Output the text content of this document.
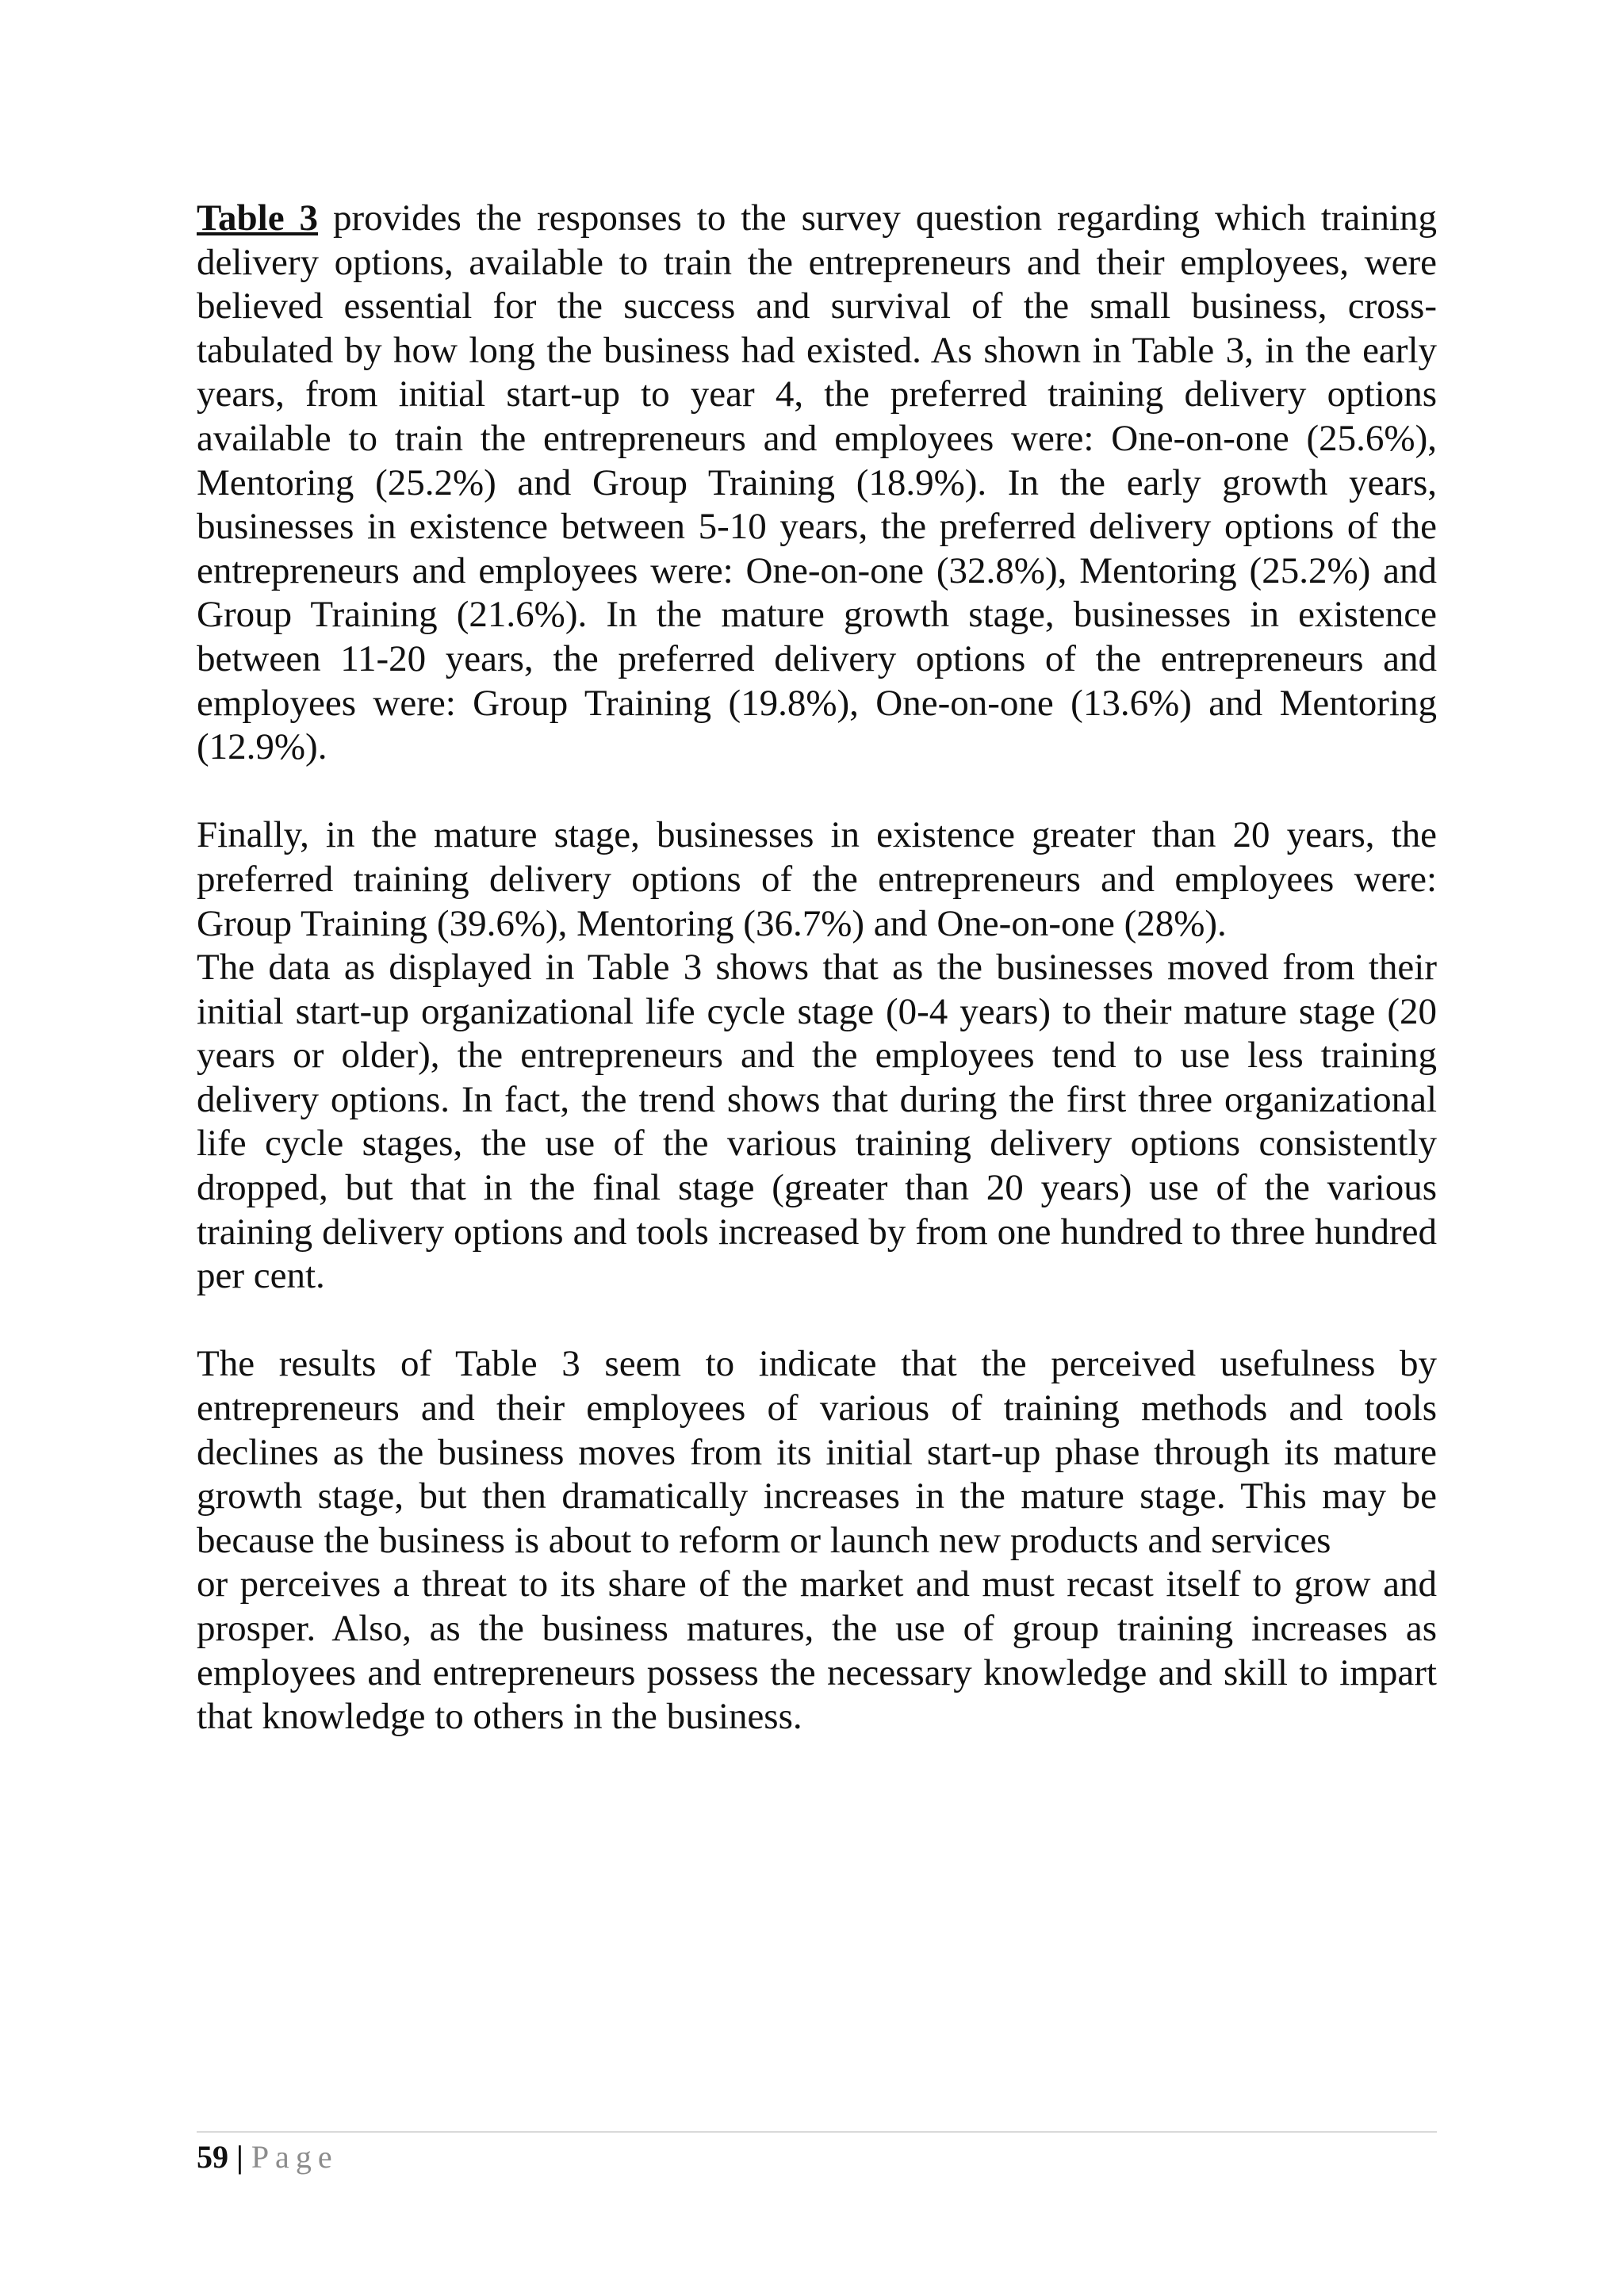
Table 3 provides the responses to the survey question regarding which training delivery options, available to train the entrepreneurs and their employees, were believed essential for the success and survival of the small business, cross-tabulated by how long the business had existed. As shown in Table 3, in the early years, from initial start-up to year 4, the preferred training delivery options available to train the entrepreneurs and employees were: One-on-one (25.6%), Mentoring (25.2%) and Group Training (18.9%). In the early growth years, businesses in existence between 5-10 years, the preferred delivery options of the entrepreneurs and employees were: One-on-one (32.8%), Mentoring (25.2%) and Group Training (21.6%). In the mature growth stage, businesses in existence between 11-20 years, the preferred delivery options of the entrepreneurs and employees were: Group Training (19.8%), One-on-one (13.6%) and Mentoring (12.9%).

Finally, in the mature stage, businesses in existence greater than 20 years, the preferred training delivery options of the entrepreneurs and employees were: Group Training (39.6%), Mentoring (36.7%) and One-on-one (28%).

The data as displayed in Table 3 shows that as the businesses moved from their initial start-up organizational life cycle stage (0-4 years) to their mature stage (20 years or older), the entrepreneurs and the employees tend to use less training delivery options. In fact, the trend shows that during the first three organizational life cycle stages, the use of the various training delivery options consistently dropped, but that in the final stage (greater than 20 years) use of the various training delivery options and tools increased by from one hundred to three hundred per cent.

The results of Table 3 seem to indicate that the perceived usefulness by entrepreneurs and their employees of various of training methods and tools declines as the business moves from its initial start-up phase through its mature growth stage, but then dramatically increases in the mature stage. This may be because the business is about to reform or launch new products and services
or perceives a threat to its share of the market and must recast itself to grow and prosper. Also, as the business matures, the use of group training increases as employees and entrepreneurs possess the necessary knowledge and skill to impart that knowledge to others in the business.

59 | Page
